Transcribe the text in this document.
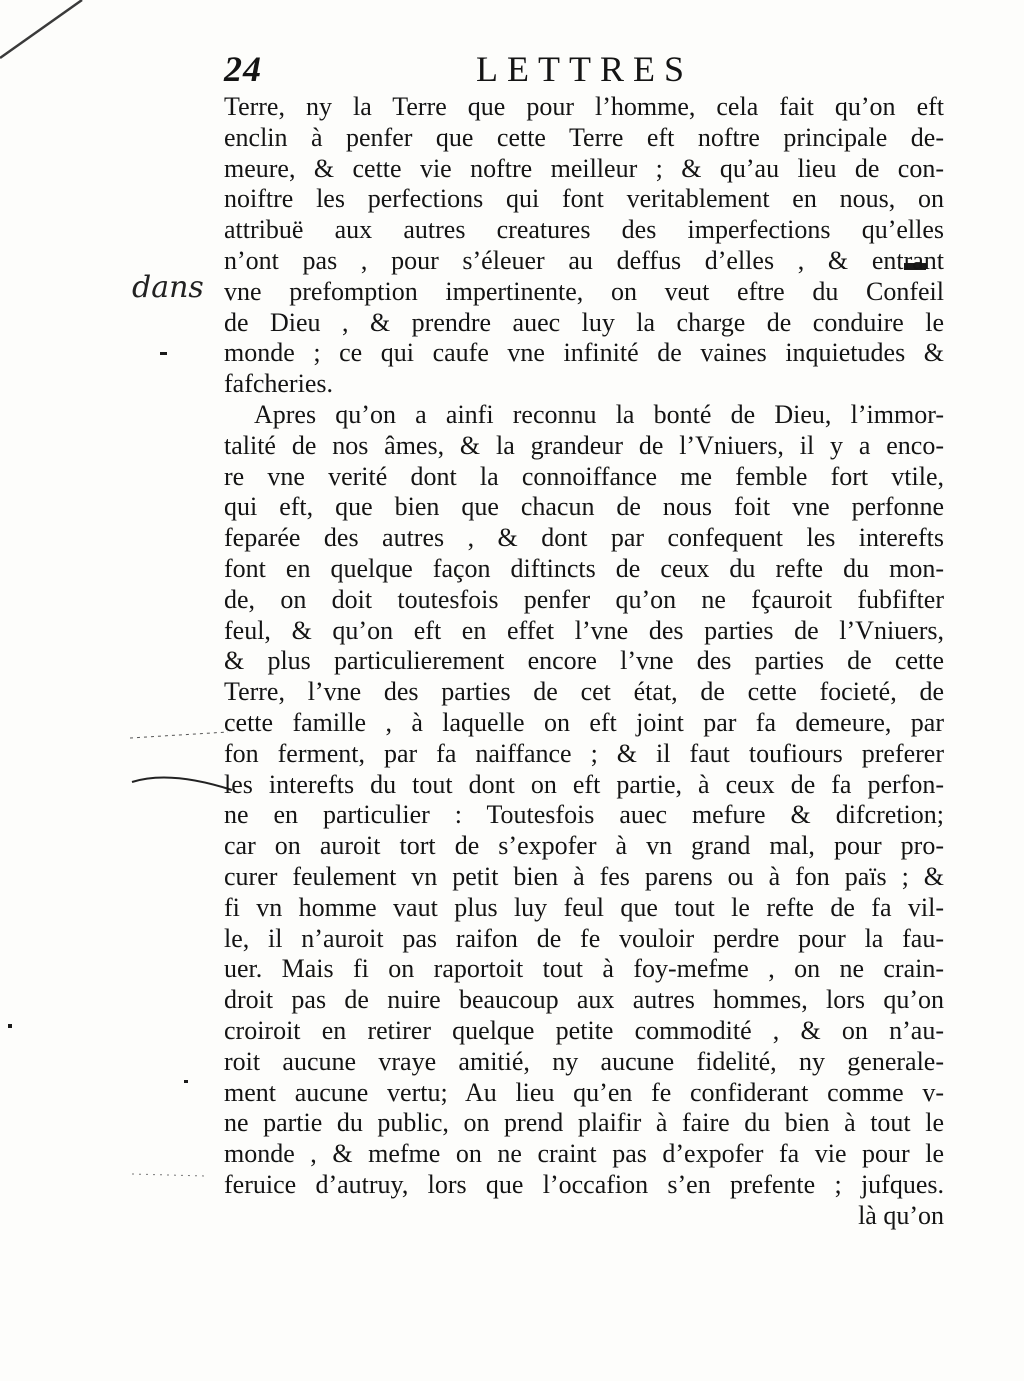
24	LETTRES
dans
Terre, ny la Terre que pour l’homme, cela fait qu’on eft
enclin à penfer que cette Terre eft noftre principale de-
meure, & cette vie noftre meilleur ; & qu’au lieu de con-
noiftre les perfections qui font veritablement en nous, on
attribuë aux autres creatures des imperfections qu’elles
n’ont pas , pour s’éleuer au deffus d’elles , & entrant
vne prefomption impertinente, on veut eftre du Confeil
de Dieu , & prendre auec luy la charge de conduire le
monde ; ce qui caufe vne infinité de vaines inquietudes &
fafcheries.
Apres qu’on a ainfi reconnu la bonté de Dieu, l’immor-
talité de nos âmes, & la grandeur de l’Vniuers, il y a enco-
re vne verité dont la connoiffance me femble fort vtile,
qui eft, que bien que chacun de nous foit vne perfonne
feparée des autres , & dont par confequent les interefts
font en quelque façon diftincts de ceux du refte du mon-
de, on doit toutesfois penfer qu’on ne fçauroit fubfifter
feul, & qu’on eft en effet l’vne des parties de l’Vniuers,
& plus particulierement encore l’vne des parties de cette
Terre, l’vne des parties de cet état, de cette focieté, de
cette famille , à laquelle on eft joint par fa demeure, par
fon ferment, par fa naiffance ; & il faut toufiours preferer
les interefts du tout dont on eft partie, à ceux de fa perfon-
ne en particulier : Toutesfois auec mefure & difcretion;
car on auroit tort de s’expofer à vn grand mal, pour pro-
curer feulement vn petit bien à fes parens ou à fon païs ; &
fi vn homme vaut plus luy feul que tout le refte de fa vil-
le, il n’auroit pas raifon de fe vouloir perdre pour la fau-
uer. Mais fi on raportoit tout à foy-mefme , on ne crain-
droit pas de nuire beaucoup aux autres hommes, lors qu’on
croiroit en retirer quelque petite commodité , & on n’au-
roit aucune vraye amitié, ny aucune fidelité, ny generale-
ment aucune vertu; Au lieu qu’en fe confiderant comme v-
ne partie du public, on prend plaifir à faire du bien à tout le
monde , & mefme on ne craint pas d’expofer fa vie pour le
feruice d’autruy, lors que l’occafion s’en prefente ; jufques.
là qu’on
